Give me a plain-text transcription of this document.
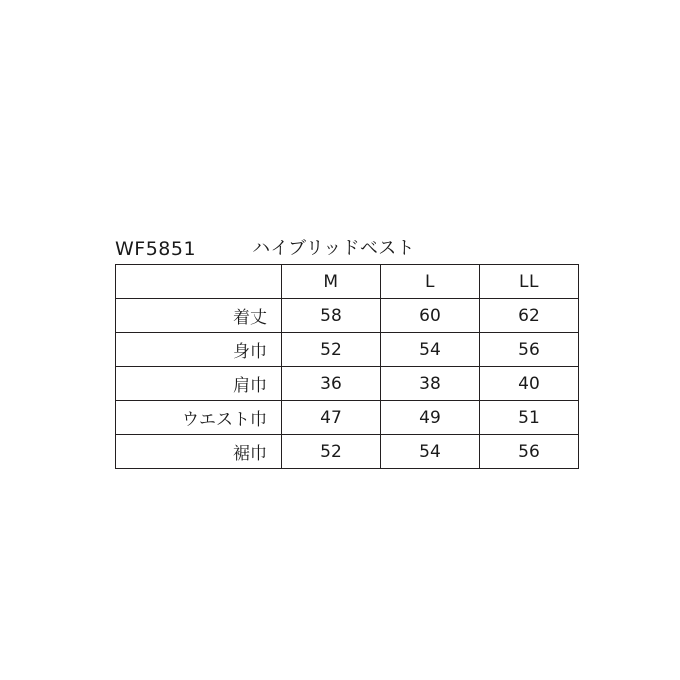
WF5851	ハイブリッドベスト
	M	L	LL
着丈	58	60	62
身巾	52	54	56
肩巾	36	38	40
ウエスト巾	47	49	51
裾巾	52	54	56
